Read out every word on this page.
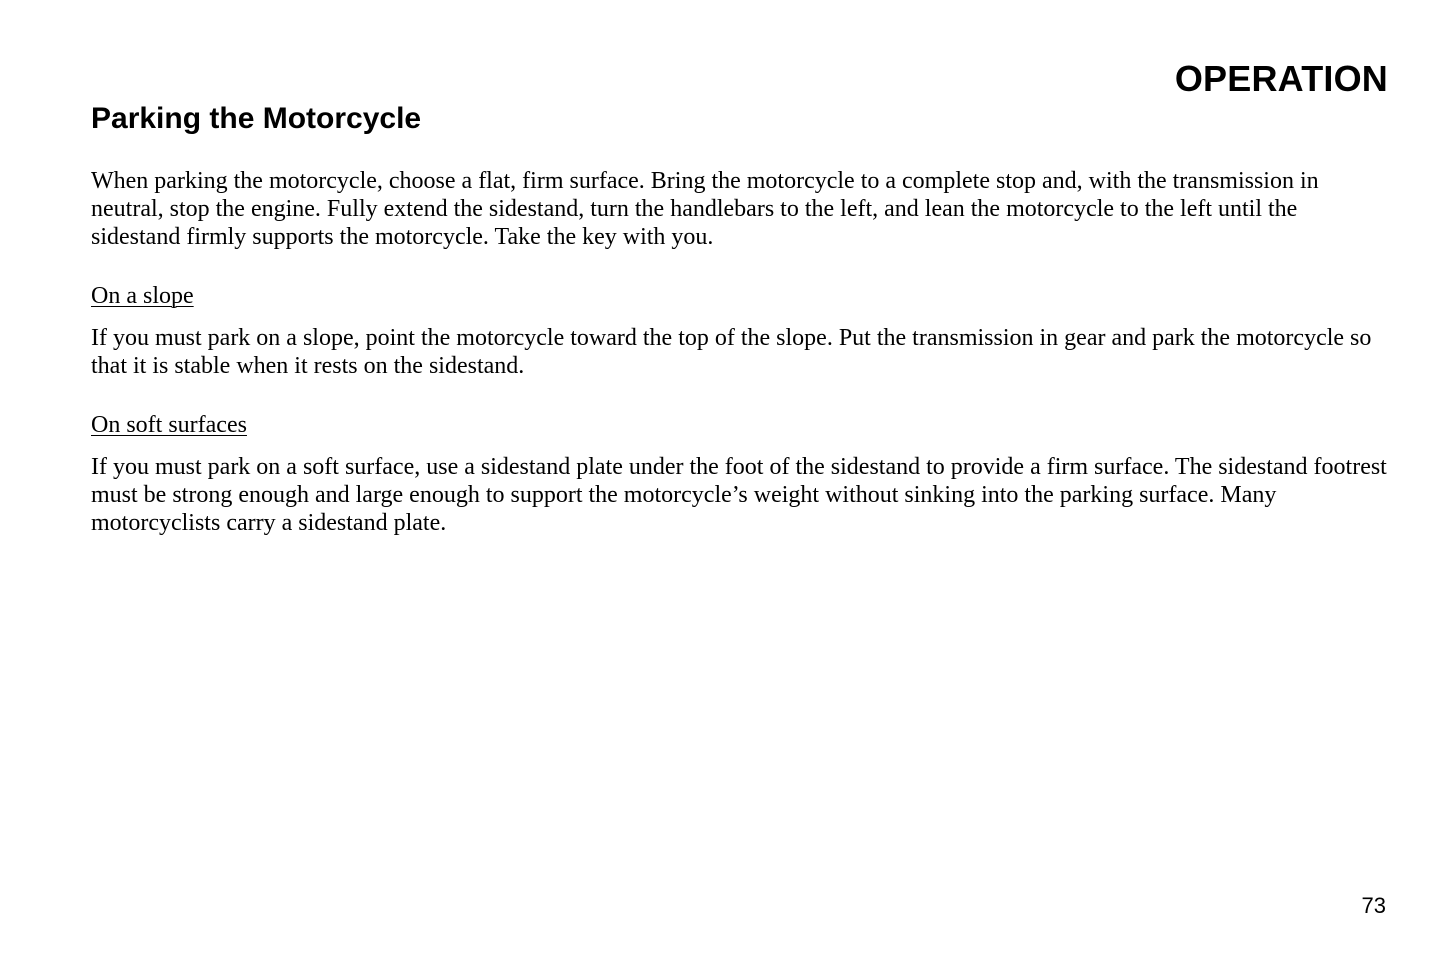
OPERATION
Parking the Motorcycle

When parking the motorcycle, choose a flat, firm surface. Bring the motorcycle to a complete stop and, with the transmission in neutral, stop the engine. Fully extend the sidestand, turn the handlebars to the left, and lean the motorcycle to the left until the sidestand firmly supports the motorcycle. Take the key with you.

On a slope

If you must park on a slope, point the motorcycle toward the top of the slope. Put the transmission in gear and park the motorcycle so that it is stable when it rests on the sidestand.

On soft surfaces

If you must park on a soft surface, use a sidestand plate under the foot of the sidestand to provide a firm surface. The sidestand footrest must be strong enough and large enough to support the motorcycle’s weight without sinking into the parking surface. Many motorcyclists carry a sidestand plate.

73
